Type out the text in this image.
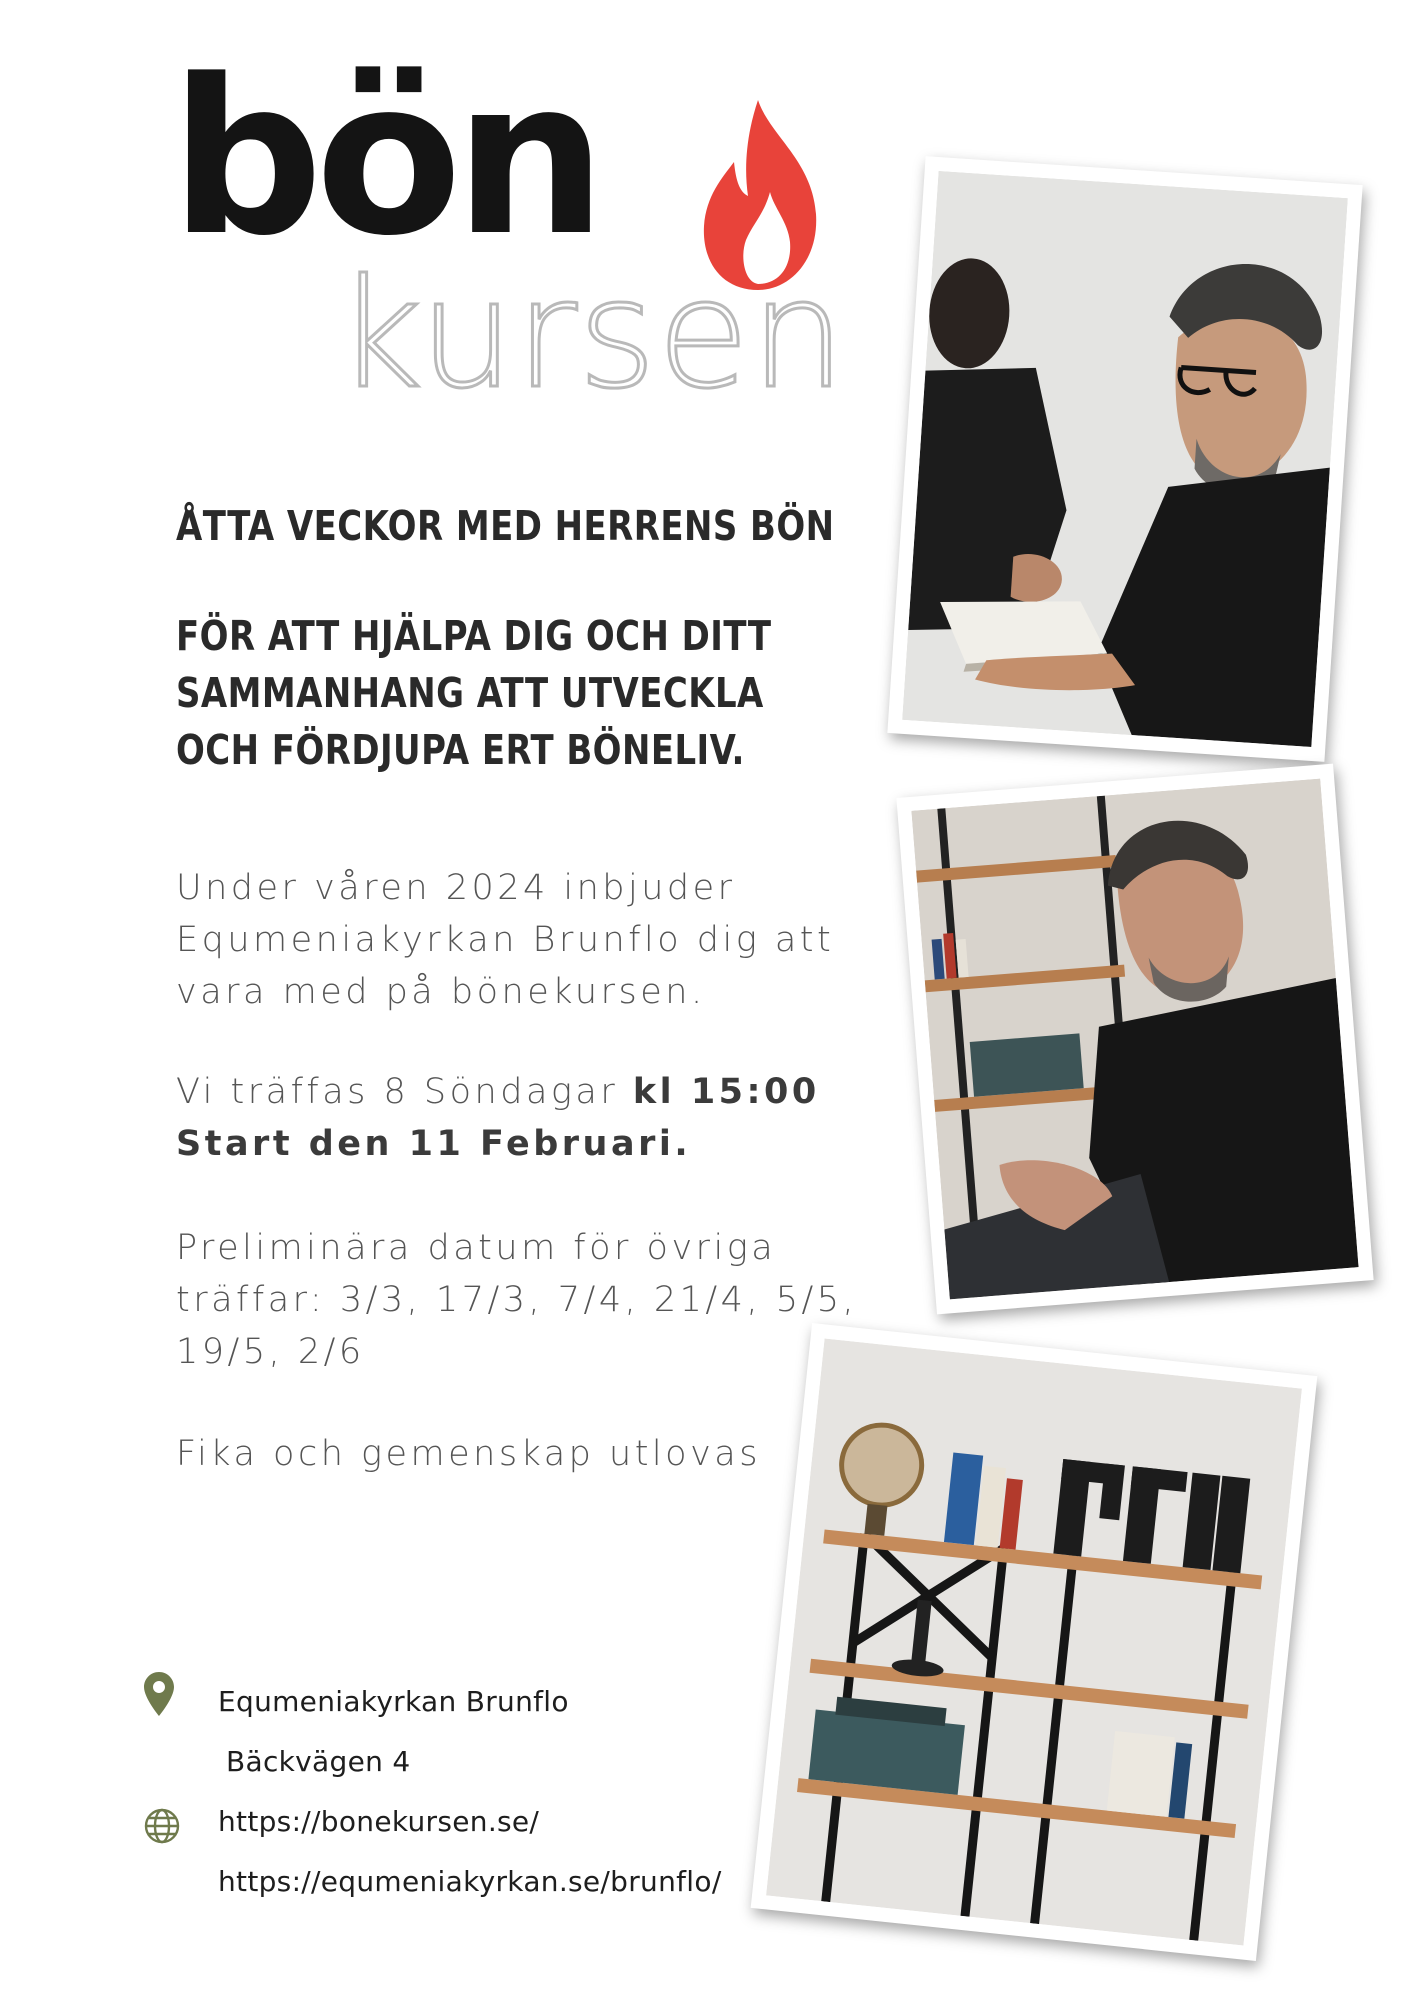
bön
kursen
ÅTTA VECKOR MED HERRENS BÖN
FÖR ATT HJÄLPA DIG OCH DITT SAMMANHANG ATT UTVECKLA OCH FÖRDJUPA ERT BÖNELIV.

Under våren 2024 inbjuder Equmeniakyrkan Brunflo dig att vara med på bönekursen.

Vi träffas 8 Söndagar kl 15:00
Start den 11 Februari.

Preliminära datum för övriga träffar: 3/3, 17/3, 7/4, 21/4, 5/5, 19/5, 2/6

Fika och gemenskap utlovas

Equmeniakyrkan Brunflo

Bäckvägen 4

https://bonekursen.se/

https://equmeniakyrkan.se/brunflo/
